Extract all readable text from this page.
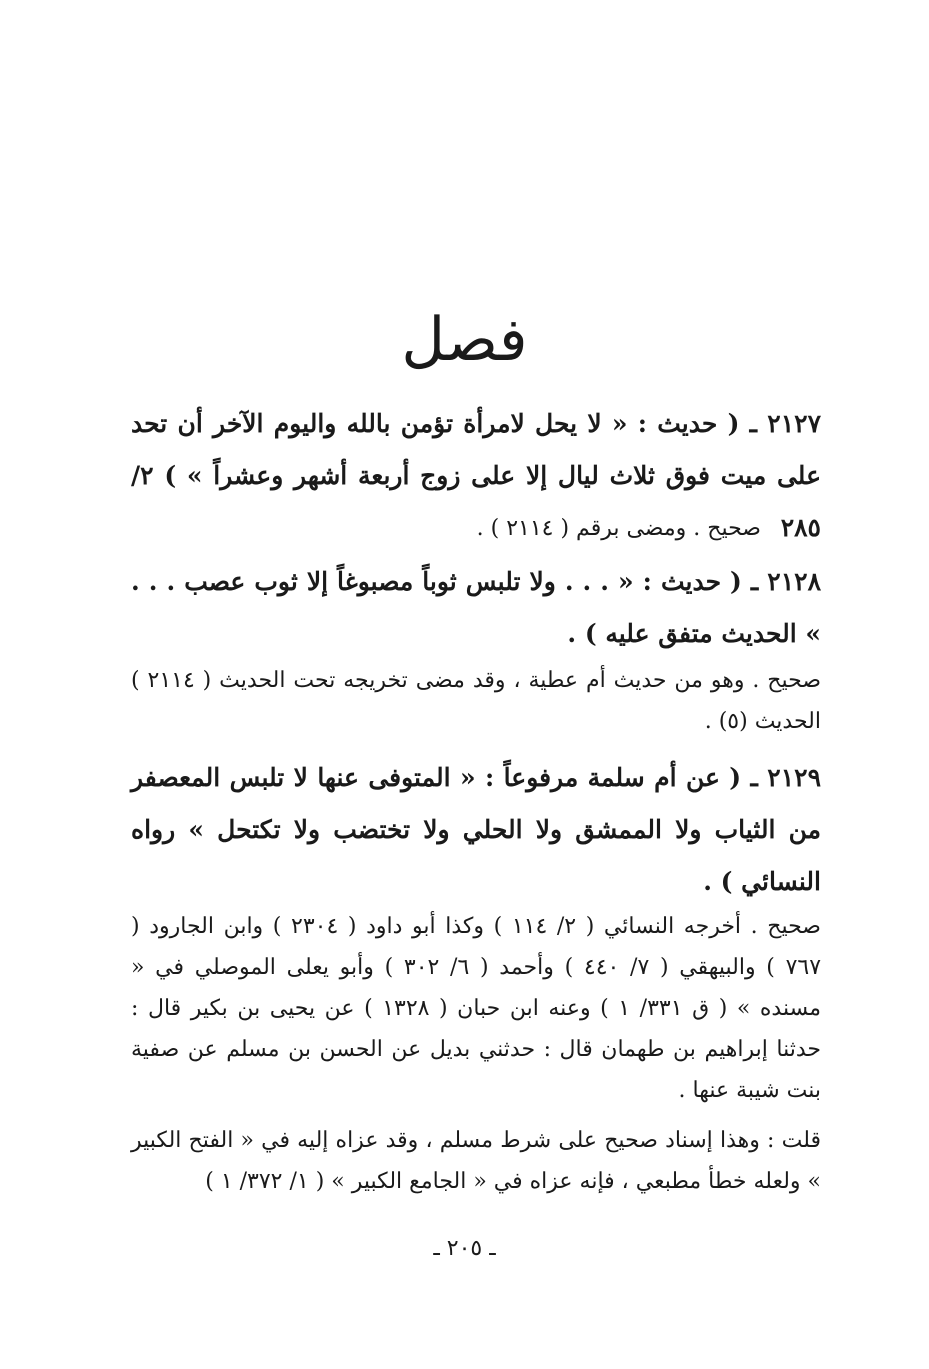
فصل
٢١٢٧ ـ ( حديث : « لا يحل لامرأة تؤمن بالله واليوم الآخر أن تحد على ميت فوق ثلاث ليال إلا على زوج أربعة أشهر وعشراً » ) ٢/ ٢٨٥
صحيح . ومضى برقم ( ٢١١٤ ) .
٢١٢٨ ـ ( حديث : « . . . ولا تلبس ثوباً مصبوغاً إلا ثوب عصب . . . » الحديث متفق عليه ) .
صحيح . وهو من حديث أم عطية ، وقد مضى تخريجه تحت الحديث ( ٢١١٤ ) الحديث (٥) .
٢١٢٩ ـ ( عن أم سلمة مرفوعاً : « المتوفى عنها لا تلبس المعصفر من الثياب ولا الممشق ولا الحلي ولا تختضب ولا تكتحل » رواه النسائي ) .
صحيح . أخرجه النسائي ( ٢/ ١١٤ ) وكذا أبو داود ( ٢٣٠٤ ) وابن الجارود ( ٧٦٧ ) والبيهقي ( ٧/ ٤٤٠ ) وأحمد ( ٦/ ٣٠٢ ) وأبو يعلى الموصلي في « مسنده » ( ق ٣٣١/ ١ ) وعنه ابن حبان ( ١٣٢٨ ) عن يحيى بن بكير قال : حدثنا إبراهيم بن طهمان قال : حدثني بديل عن الحسن بن مسلم عن صفية بنت شيبة عنها .
قلت : وهذا إسناد صحيح على شرط مسلم ، وقد عزاه إليه في « الفتح الكبير » ولعله خطأ مطبعي ، فإنه عزاه في « الجامع الكبير » ( ١/ ٣٧٢/ ١ )
ـ ٢٠٥ ـ
